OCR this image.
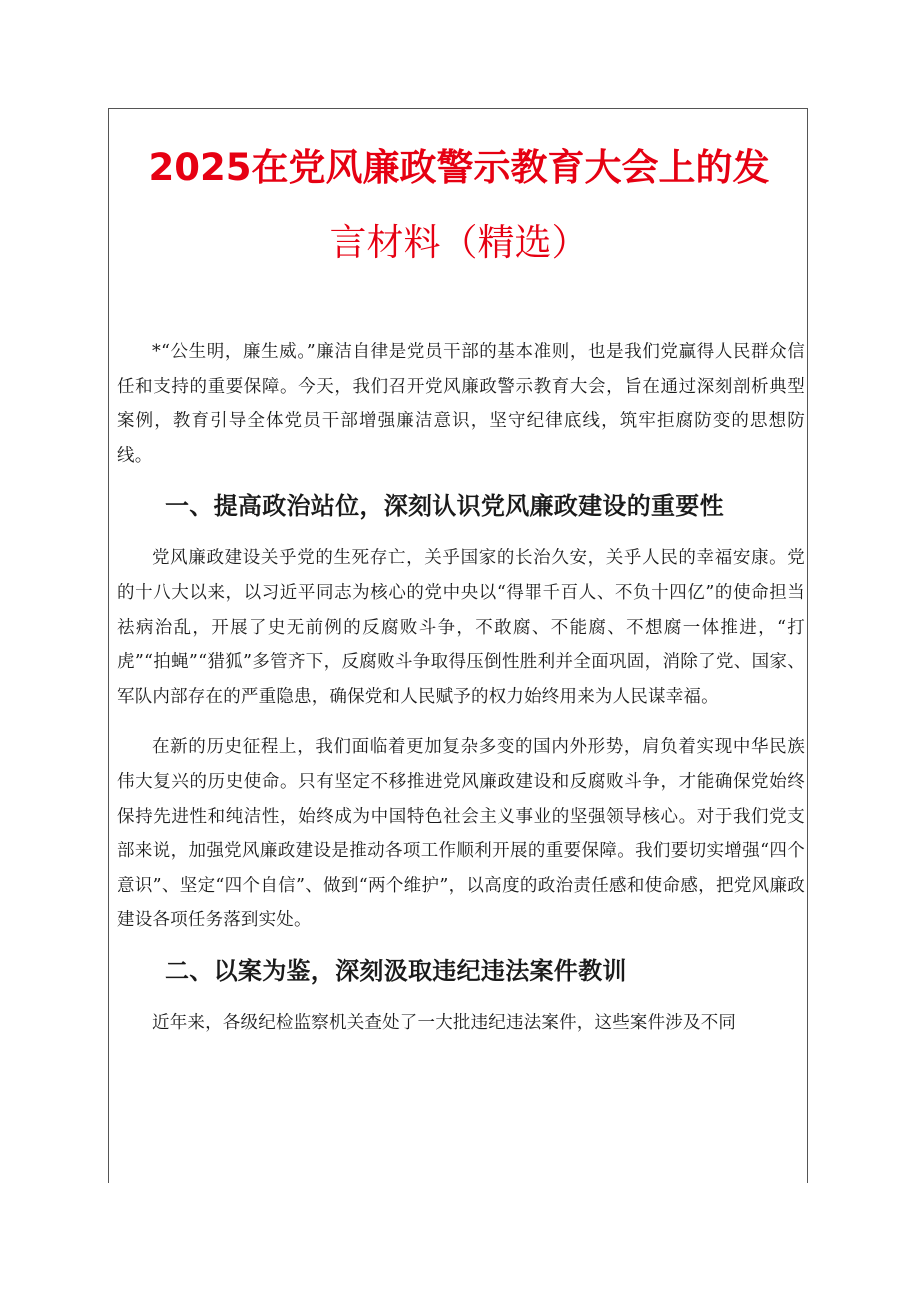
2025在党风廉政警示教育大会上的发
言材料（精选）

*“公生明，廉生威。”廉洁自律是党员干部的基本准则，也是我们党赢得人民群众信任和支持的重要保障。今天，我们召开党风廉政警示教育大会，旨在通过深刻剖析典型案例，教育引导全体党员干部增强廉洁意识，坚守纪律底线，筑牢拒腐防变的思想防线。

一、提高政治站位，深刻认识党风廉政建设的重要性

党风廉政建设关乎党的生死存亡，关乎国家的长治久安，关乎人民的幸福安康。党的十八大以来，以习近平同志为核心的党中央以“得罪千百人、不负十四亿”的使命担当祛病治乱，开展了史无前例的反腐败斗争，不敢腐、不能腐、不想腐一体推进，“打虎”“拍蝇”“猎狐”多管齐下，反腐败斗争取得压倒性胜利并全面巩固，消除了党、国家、军队内部存在的严重隐患，确保党和人民赋予的权力始终用来为人民谋幸福。

在新的历史征程上，我们面临着更加复杂多变的国内外形势，肩负着实现中华民族伟大复兴的历史使命。只有坚定不移推进党风廉政建设和反腐败斗争，才能确保党始终保持先进性和纯洁性，始终成为中国特色社会主义事业的坚强领导核心。对于我们党支部来说，加强党风廉政建设是推动各项工作顺利开展的重要保障。我们要切实增强“四个意识”、坚定“四个自信”、做到“两个维护”，以高度的政治责任感和使命感，把党风廉政建设各项任务落到实处。

二、以案为鉴，深刻汲取违纪违法案件教训

近年来，各级纪检监察机关查处了一大批违纪违法案件，这些案件涉及不同
